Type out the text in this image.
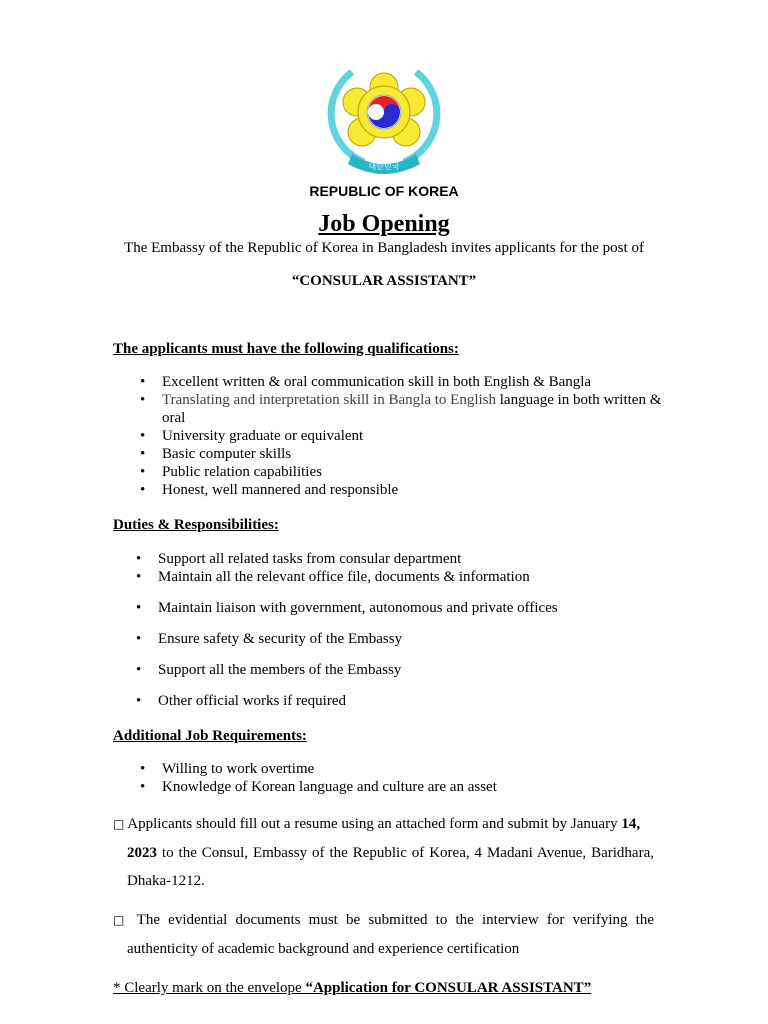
대한민국
REPUBLIC OF KOREA
Job Opening
The Embassy of the Republic of Korea in Bangladesh invites applicants for the post of
“CONSULAR ASSISTANT”
The applicants must have the following qualifications:
• Excellent written & oral communication skill in both English & Bangla
• Translating and interpretation skill in Bangla to English language in both written & oral
• University graduate or equivalent
• Basic computer skills
• Public relation capabilities
• Honest, well mannered and responsible
Duties & Responsibilities:
• Support all related tasks from consular department
• Maintain all the relevant office file, documents & information
• Maintain liaison with government, autonomous and private offices
• Ensure safety & security of the Embassy
• Support all the members of the Embassy
• Other official works if required
Additional Job Requirements:
• Willing to work overtime
• Knowledge of Korean language and culture are an asset
□ Applicants should fill out a resume using an attached form and submit by January 14,
2023 to the Consul, Embassy of the Republic of Korea, 4 Madani Avenue, Baridhara,
Dhaka-1212.
□ The evidential documents must be submitted to the interview for verifying the
authenticity of academic background and experience certification
* Clearly mark on the envelope “Application for CONSULAR ASSISTANT”
